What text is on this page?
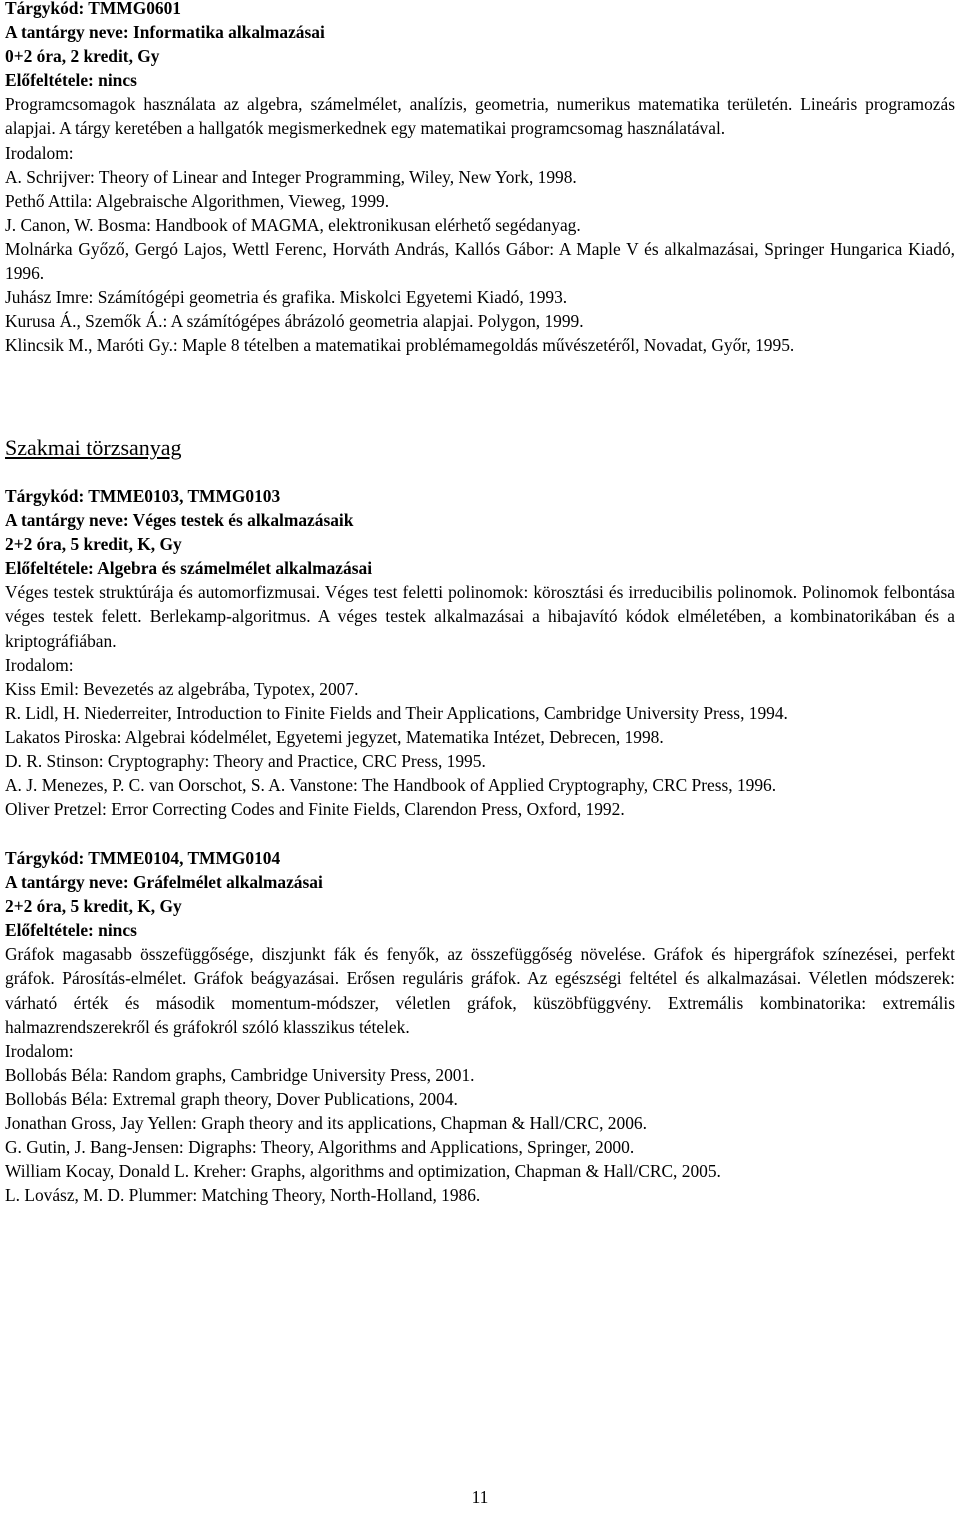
Tárgykód: TMMG0601
A tantárgy neve: Informatika alkalmazásai
0+2 óra, 2 kredit, Gy
Előfeltétele: nincs
Programcsomagok használata az algebra, számelmélet, analízis, geometria, numerikus matematika területén. Lineáris programozás alapjai. A tárgy keretében a hallgatók megismerkednek egy matematikai programcsomag használatával.
Irodalom:
A. Schrijver: Theory of Linear and Integer Programming, Wiley, New York, 1998.
Pethő Attila: Algebraische Algorithmen, Vieweg, 1999.
J. Canon, W. Bosma: Handbook of MAGMA, elektronikusan elérhető segédanyag.
Molnárka Győző, Gergó Lajos, Wettl Ferenc, Horváth András, Kallós Gábor: A Maple V és alkalmazásai, Springer Hungarica Kiadó, 1996.
Juhász Imre: Számítógépi geometria és grafika. Miskolci Egyetemi Kiadó, 1993.
Kurusa Á., Szemők Á.: A számítógépes ábrázoló geometria alapjai. Polygon, 1999.
Klincsik M., Maróti Gy.: Maple 8 tételben a matematikai problémamegoldás művészetéről, Novadat, Győr, 1995.
Szakmai törzsanyag
Tárgykód: TMME0103, TMMG0103
A tantárgy neve: Véges testek és alkalmazásaik
2+2 óra, 5 kredit, K, Gy
Előfeltétele: Algebra és számelmélet alkalmazásai
Véges testek struktúrája és automorfizmusai. Véges test feletti polinomok: körosztási és irreducibilis polinomok. Polinomok felbontása véges testek felett. Berlekamp-algoritmus. A véges testek alkalmazásai a hibajavító kódok elméletében, a kombinatorikában és a kriptográfiában.
Irodalom:
Kiss Emil: Bevezetés az algebrába, Typotex, 2007.
R. Lidl, H. Niederreiter, Introduction to Finite Fields and Their Applications, Cambridge University Press, 1994.
Lakatos Piroska: Algebrai kódelmélet, Egyetemi jegyzet, Matematika Intézet, Debrecen, 1998.
D. R. Stinson: Cryptography: Theory and Practice, CRC Press, 1995.
A. J. Menezes, P. C. van Oorschot, S. A. Vanstone: The Handbook of Applied Cryptography, CRC Press, 1996.
Oliver Pretzel: Error Correcting Codes and Finite Fields, Clarendon Press, Oxford, 1992.
Tárgykód: TMME0104, TMMG0104
A tantárgy neve: Gráfelmélet alkalmazásai
2+2 óra, 5 kredit, K, Gy
Előfeltétele: nincs
Gráfok magasabb összefüggősége, diszjunkt fák és fenyők, az összefüggőség növelése. Gráfok és hipergráfok színezései, perfekt gráfok. Párosítás-elmélet. Gráfok beágyazásai. Erősen reguláris gráfok. Az egészségi feltétel és alkalmazásai. Véletlen módszerek: várható érték és második momentum-módszer, véletlen gráfok, küszöbfüggvény. Extremális kombinatorika: extremális halmazrendszerekről és gráfokról szóló klasszikus tételek.
Irodalom:
Bollobás Béla: Random graphs, Cambridge University Press, 2001.
Bollobás Béla: Extremal graph theory, Dover Publications, 2004.
Jonathan Gross, Jay Yellen: Graph theory and its applications, Chapman & Hall/CRC, 2006.
G. Gutin, J. Bang-Jensen: Digraphs: Theory, Algorithms and Applications, Springer, 2000.
William Kocay, Donald L. Kreher: Graphs, algorithms and optimization, Chapman & Hall/CRC, 2005.
L. Lovász, M. D. Plummer: Matching Theory, North-Holland, 1986.
11
